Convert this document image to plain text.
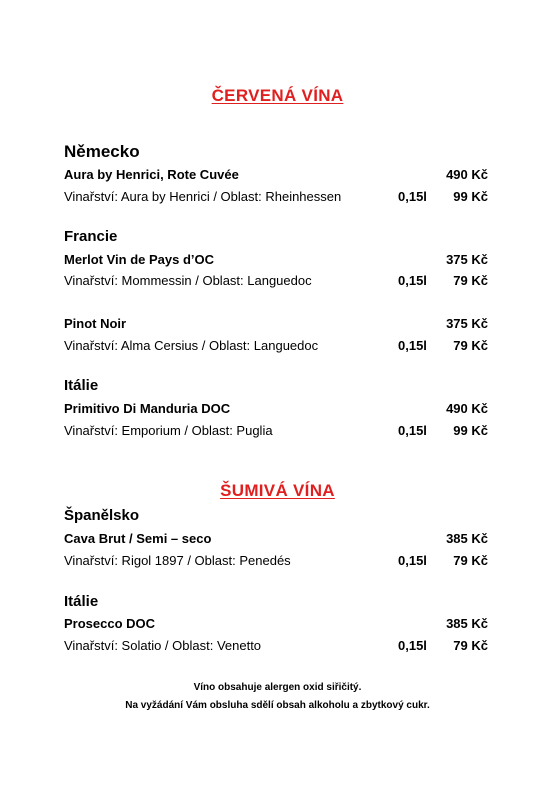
ČERVENÁ VÍNA
Německo
Aura by Henrici, Rote Cuvée	490 Kč
Vinařství: Aura by Henrici / Oblast: Rheinhessen	0,15l 99 Kč
Francie
Merlot Vin de Pays d’OC	375 Kč
Vinařství: Mommessin / Oblast: Languedoc	0,15l 79 Kč
Pinot Noir	375 Kč
Vinařství: Alma Cersius / Oblast: Languedoc	0,15l 79 Kč
Itálie
Primitivo Di Manduria DOC	490 Kč
Vinařství: Emporium / Oblast: Puglia	0,15l 99 Kč
ŠUMIVÁ VÍNA
Španělsko
Cava Brut / Semi – seco	385 Kč
Vinařství: Rigol 1897 / Oblast: Penedés	0,15l 79 Kč
Itálie
Prosecco DOC	385 Kč
Vinařství: Solatio / Oblast: Venetto	0,15l 79 Kč
Víno obsahuje alergen oxid siřičitý.
Na vyžádání Vám obsluha sdělí obsah alkoholu a zbytkový cukr.
